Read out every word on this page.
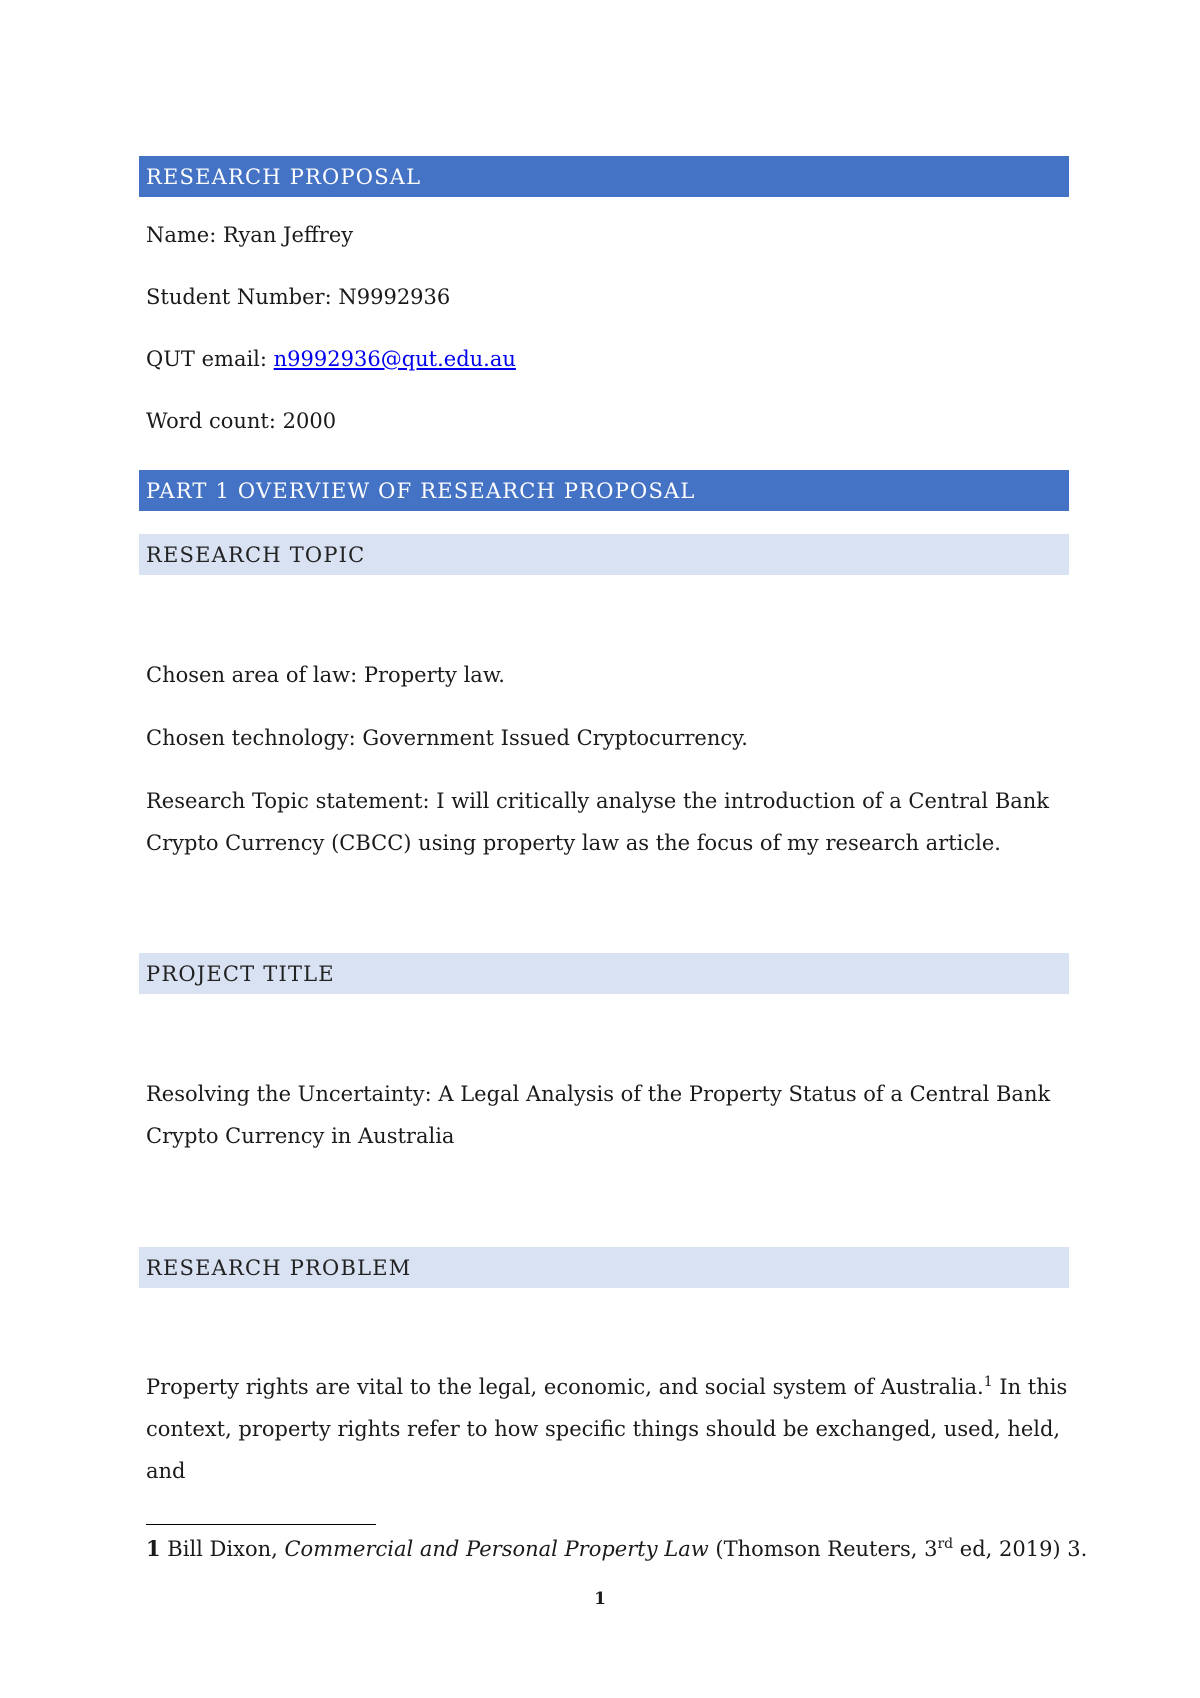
RESEARCH PROPOSAL
Name: Ryan Jeffrey
Student Number: N9992936
QUT email: n9992936@qut.edu.au
Word count: 2000
PART 1 OVERVIEW OF RESEARCH PROPOSAL
RESEARCH TOPIC
Chosen area of law: Property law.
Chosen technology: Government Issued Cryptocurrency.
Research Topic statement: I will critically analyse the introduction of a Central Bank Crypto Currency (CBCC) using property law as the focus of my research article.
PROJECT TITLE
Resolving the Uncertainty: A Legal Analysis of the Property Status of a Central Bank Crypto Currency in Australia
RESEARCH PROBLEM
Property rights are vital to the legal, economic, and social system of Australia.$^1$ In this context, property rights refer to how specific things should be exchanged, used, held, and
1 Bill Dixon, Commercial and Personal Property Law (Thomson Reuters, 3rd ed, 2019) 3.
1
